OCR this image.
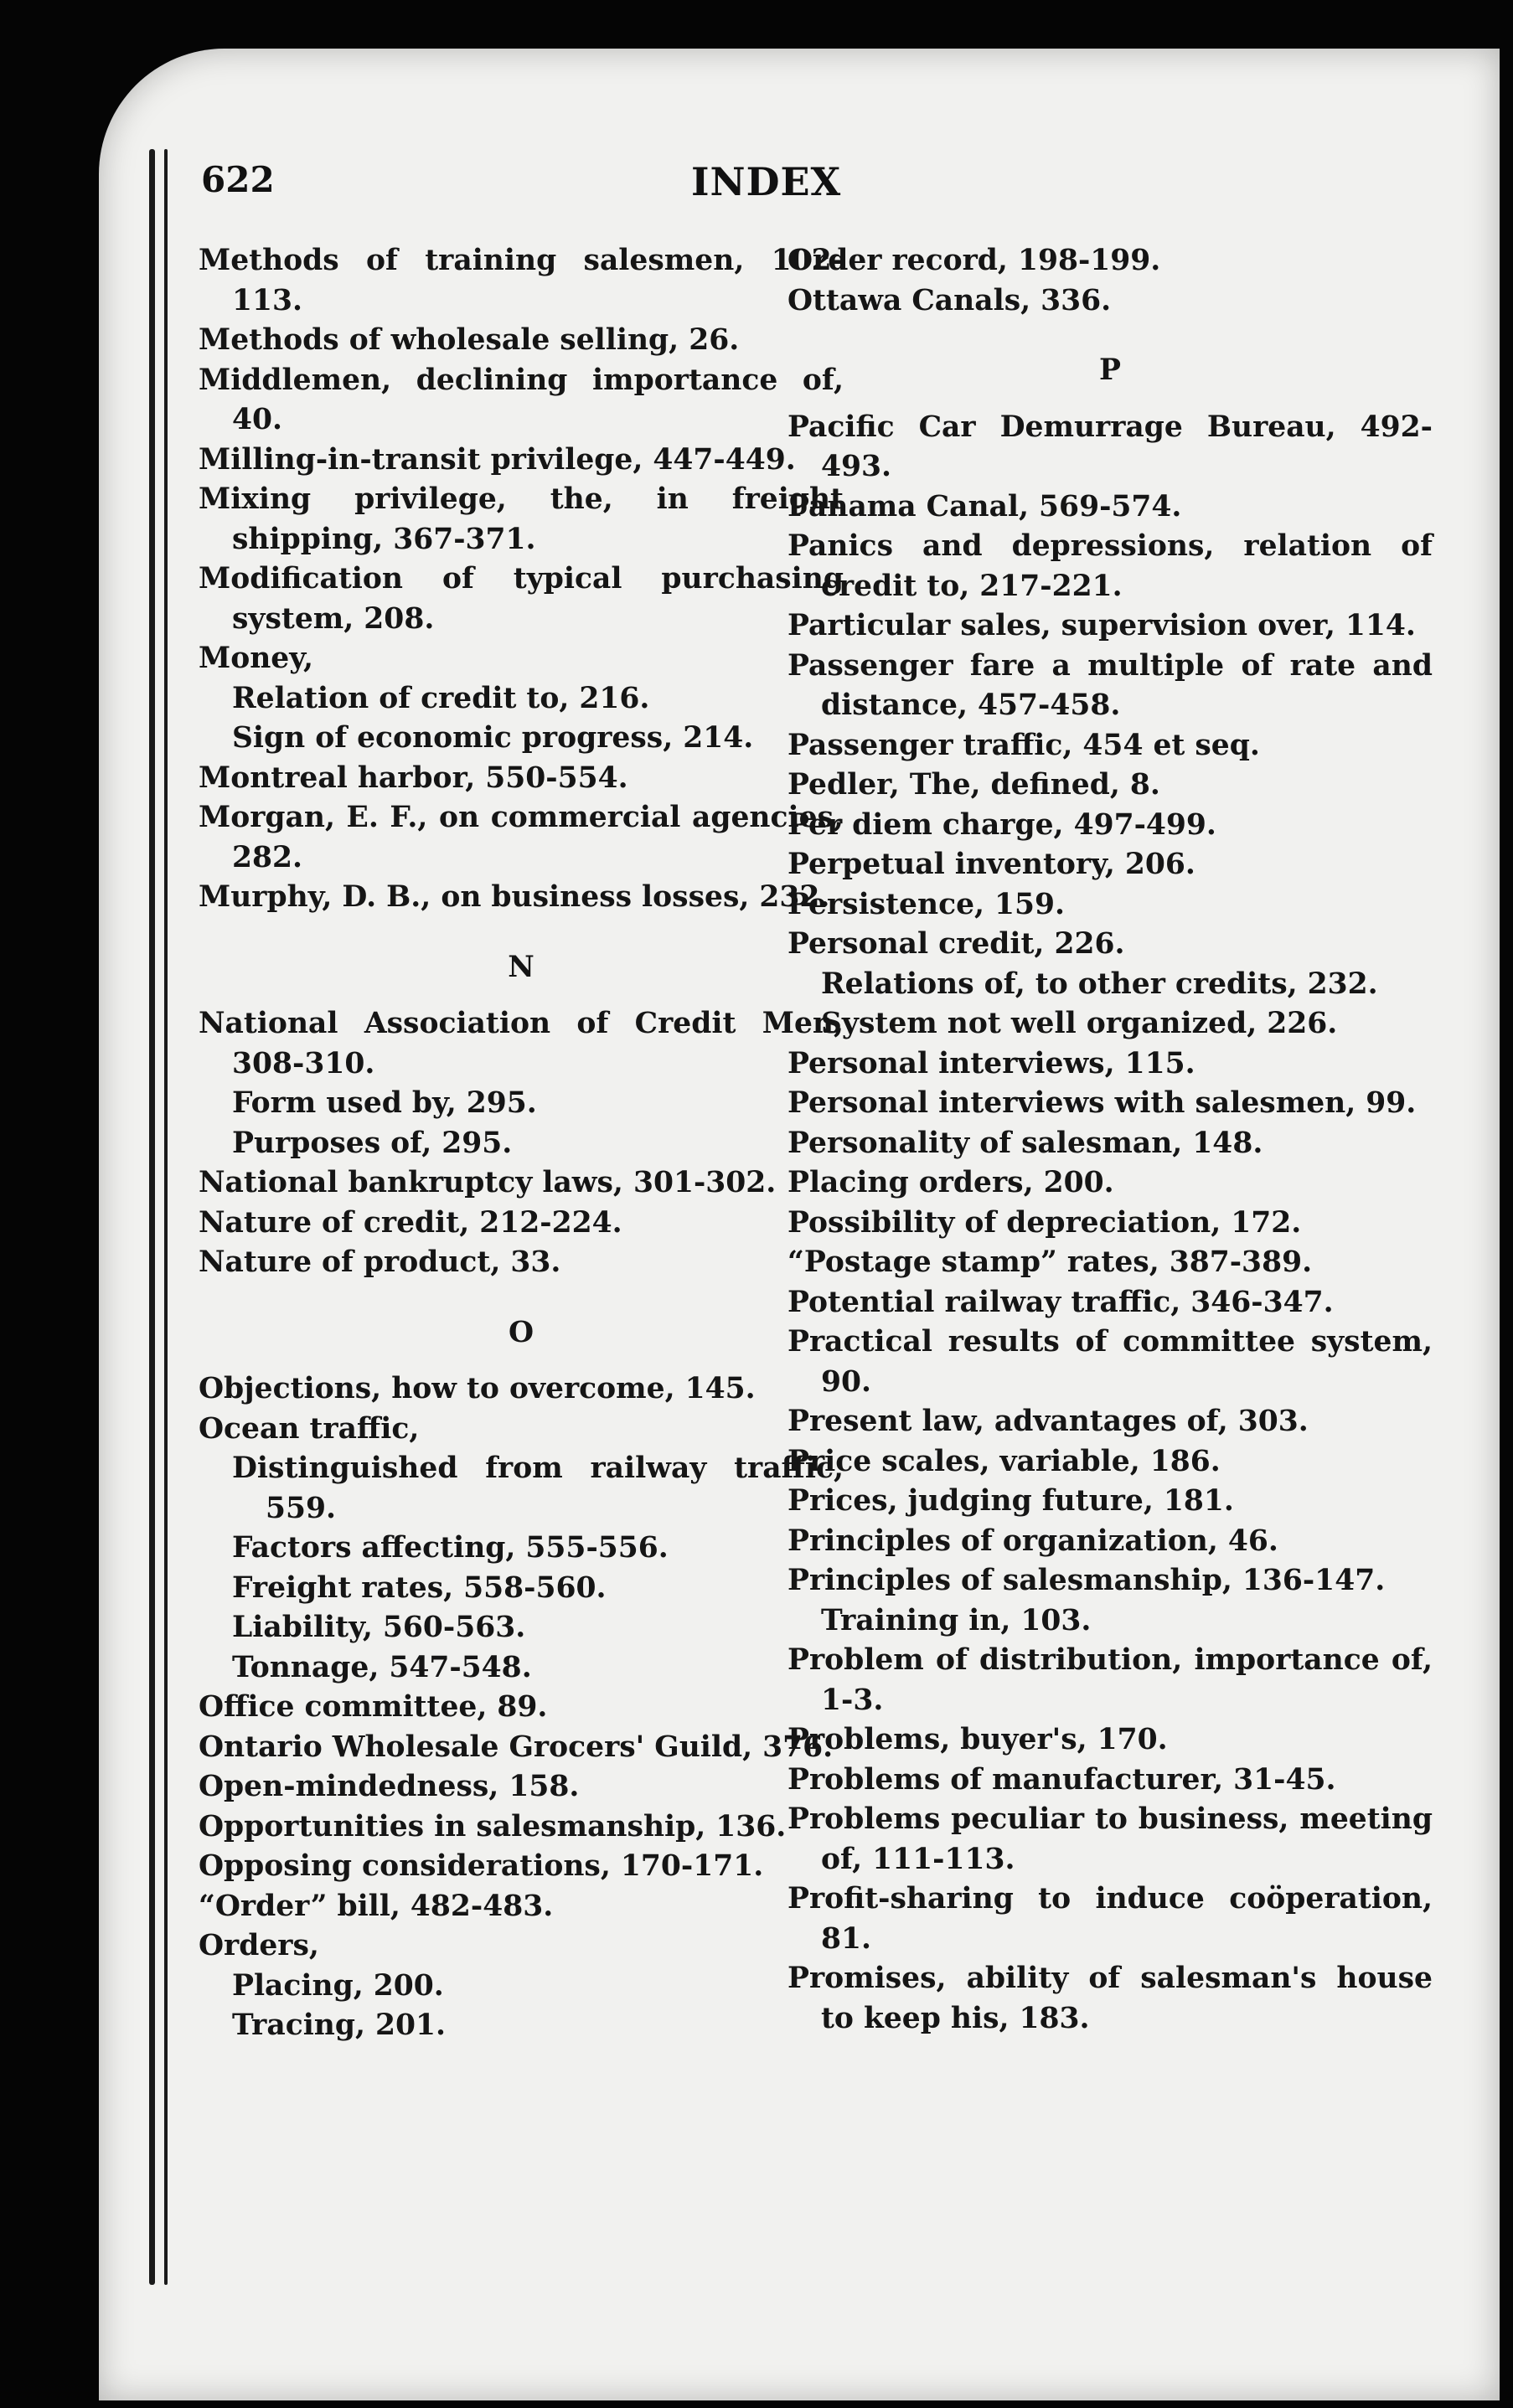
622	INDEX

Methods of training salesmen, 102-113.

Methods of wholesale selling, 26.

Middlemen, declining importance of, 40.

Milling-in-transit privilege, 447-449.

Mixing privilege, the, in freight shipping, 367-371.

Modification of typical purchasing system, 208.

Money,

Relation of credit to, 216.

Sign of economic progress, 214.

Montreal harbor, 550-554.

Morgan, E. F., on commercial agencies, 282.

Murphy, D. B., on business losses, 232.

N

National Association of Credit Men, 308-310.

Form used by, 295.

Purposes of, 295.

National bankruptcy laws, 301-302.

Nature of credit, 212-224.

Nature of product, 33.

O

Objections, how to overcome, 145.

Ocean traffic,

Distinguished from railway traffic, 559.

Factors affecting, 555-556.

Freight rates, 558-560.

Liability, 560-563.

Tonnage, 547-548.

Office committee, 89.

Ontario Wholesale Grocers' Guild, 376.

Open-mindedness, 158.

Opportunities in salesmanship, 136.

Opposing considerations, 170-171.

“Order” bill, 482-483.

Orders,

Placing, 200.

Tracing, 201.

Order record, 198-199.

Ottawa Canals, 336.

P

Pacific Car Demurrage Bureau, 492-493.

Panama Canal, 569-574.

Panics and depressions, relation of credit to, 217-221.

Particular sales, supervision over, 114.

Passenger fare a multiple of rate and distance, 457-458.

Passenger traffic, 454 et seq.

Pedler, The, defined, 8.

Per diem charge, 497-499.

Perpetual inventory, 206.

Persistence, 159.

Personal credit, 226.

Relations of, to other credits, 232.

System not well organized, 226.

Personal interviews, 115.

Personal interviews with salesmen, 99.

Personality of salesman, 148.

Placing orders, 200.

Possibility of depreciation, 172.

“Postage stamp” rates, 387-389.

Potential railway traffic, 346-347.

Practical results of committee system, 90.

Present law, advantages of, 303.

Price scales, variable, 186.

Prices, judging future, 181.

Principles of organization, 46.

Principles of salesmanship, 136-147.

Training in, 103.

Problem of distribution, importance of, 1-3.

Problems, buyer's, 170.

Problems of manufacturer, 31-45.

Problems peculiar to business, meeting of, 111-113.

Profit-sharing to induce coöperation, 81.

Promises, ability of salesman's house to keep his, 183.
